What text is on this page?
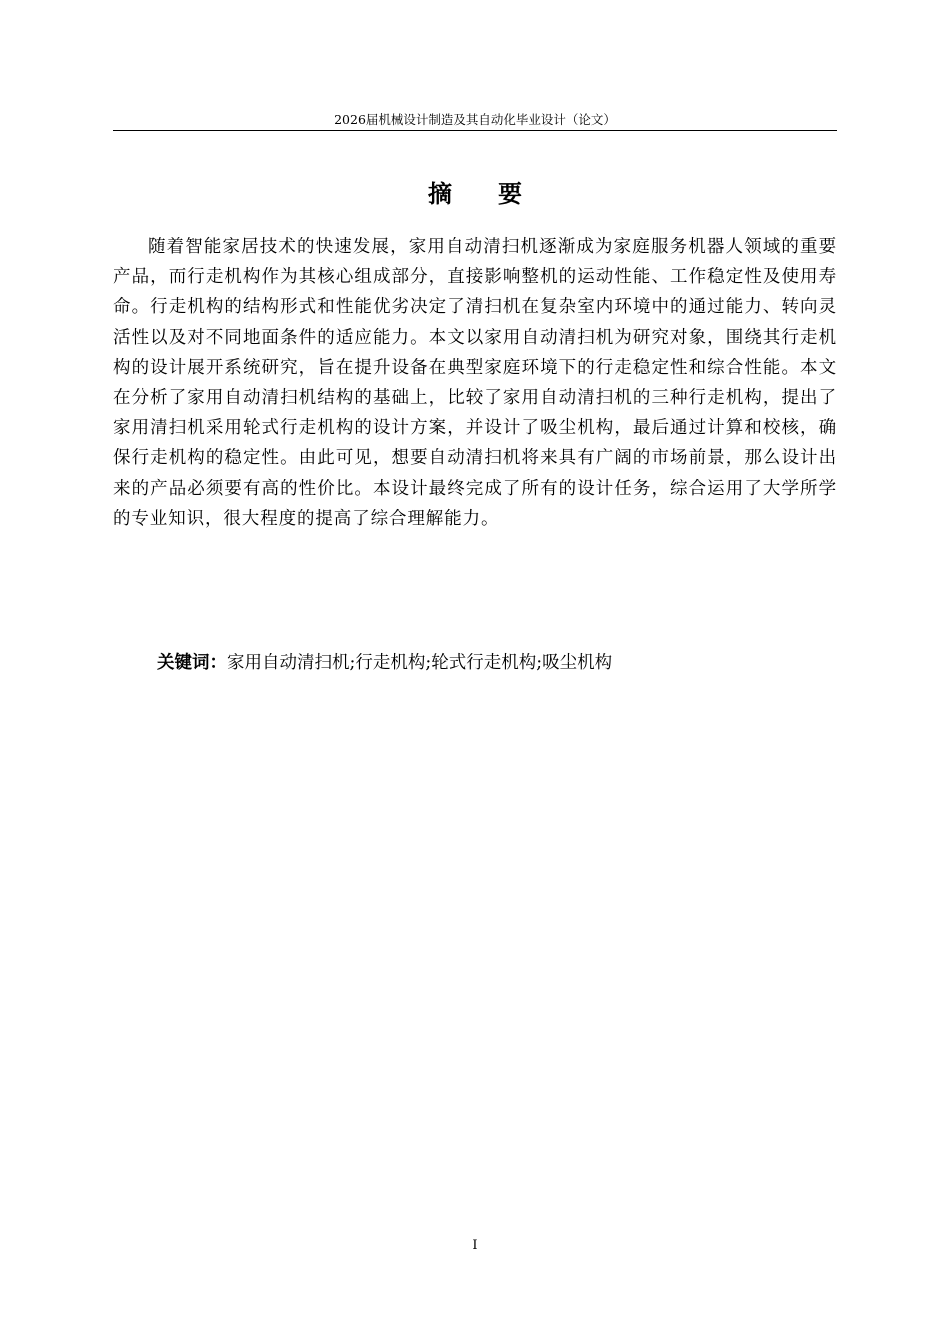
2026届机械设计制造及其自动化毕业设计（论文）
摘要

随着智能家居技术的快速发展，家用自动清扫机逐渐成为家庭服务机器人领域的重要产品，而行走机构作为其核心组成部分，直接影响整机的运动性能、工作稳定性及使用寿命。行走机构的结构形式和性能优劣决定了清扫机在复杂室内环境中的通过能力、转向灵活性以及对不同地面条件的适应能力。本文以家用自动清扫机为研究对象，围绕其行走机构的设计展开系统研究，旨在提升设备在典型家庭环境下的行走稳定性和综合性能。本文在分析了家用自动清扫机结构的基础上，比较了家用自动清扫机的三种行走机构，提出了家用清扫机采用轮式行走机构的设计方案，并设计了吸尘机构，最后通过计算和校核，确保行走机构的稳定性。由此可见，想要自动清扫机将来具有广阔的市场前景，那么设计出来的产品必须要有高的性价比。本设计最终完成了所有的设计任务，综合运用了大学所学的专业知识，很大程度的提高了综合理解能力。

关键词：家用自动清扫机;行走机构;轮式行走机构;吸尘机构
I
